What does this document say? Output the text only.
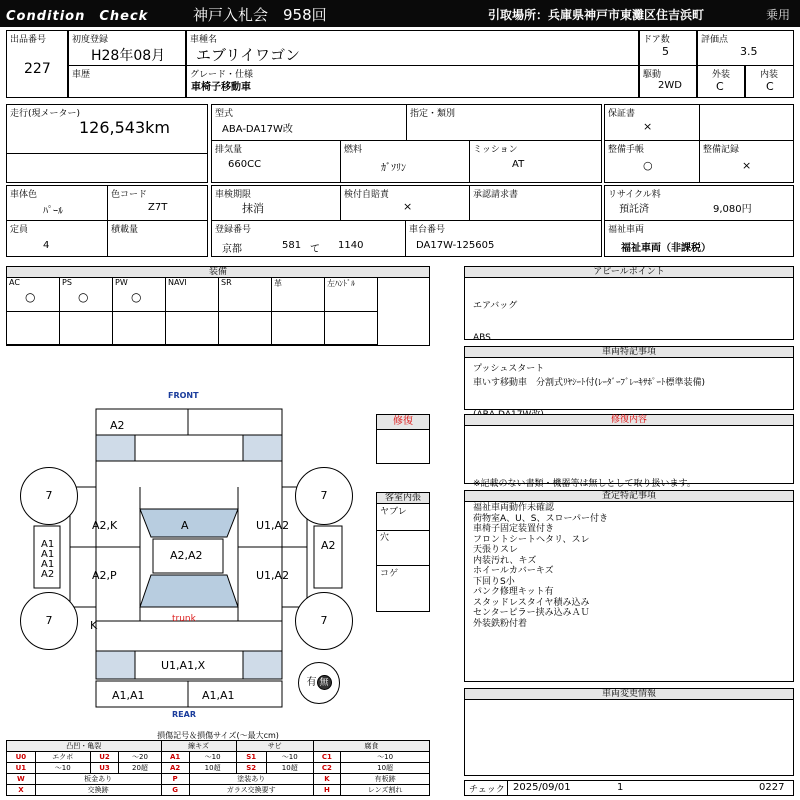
Condition　Check	神戸入札会　958回	引取場所：兵庫県神戸市東灘区住吉浜町	乗用
出品番号
227
初度登録
H28年08月
車歴
車種名
エブリイワゴン
グレード・仕様
車椅子移動車
ドア数
5
評価点
3.5
駆動
2WD
外装
C
内装
C
走行(現メーター)
126,543km
型式
ABA-DA17W改
指定・類別
排気量
660CC
燃料
ｶﾞｿﾘﾝ
ミッション
AT
保証書
×
整備手帳
○
整備記録
×
車体色
ﾊﾟｰﾙ
色コード
Z7T
定員
4
積載量
車検期限
抹消
検付自賠責
×
承認請求書
登録番号
京都	581 て 1140
車台番号
DA17W-125605
リサイクル料
預託済	9,080円
福祉車両
福祉車両（非課税）
装備
AC
○
PS
○
PW
○
NAVI	SR	革	左ﾊﾝﾄﾞﾙ
アピールポイント

エアバッグ

ABS

プッシュスタート

車両特記事項

車いす移動車　分割式ﾘﾔｼｰﾄ付(ﾚｰﾀﾞｰﾌﾞﾚｰｷｻﾎﾟｰﾄ標準装備)

※記載のない書類・機器等は無しとして取り扱います。

修復内容
査定特記事項
福祉車両動作未確認
荷物室A、U、S、スローパー付き
車椅子固定装置付き
フロントシートヘタリ、スレ
天張りスレ
内装汚れ、キズ
ホイールカバーキズ
下回りS小
パンク修理キット有
スタッドレスタイヤ積み込み
センターピラー挟み込みＡＵ
外装鉄粉付着
車両変更情報
チェック 2025/09/01	1	0227
修復
客室内張
ヤブレ
穴
コゲ
FRONT
REAR
trunk
A2
A
A2,A2
A2,K	U1,A2
A2,P	U1,A2
A1
A1
A1
A2
A2
K
U1,A1,X
A1,A1	A1,A1
7	7
7	7
有 無
損傷記号＆損傷サイズ(〜最大cm)
凸凹・亀裂				線キズ		サビ		腐食	
U0	エクボ	U2	〜20	A1	〜10	S1	〜10	C1	〜10
U1	〜10	U3	20超	A2	10超	S2	10超	C2	10超
W	板金あり			P	塗装あり			K	有板跡
X	交換跡			G	ガラス交換要す			H	レンズ割れ
